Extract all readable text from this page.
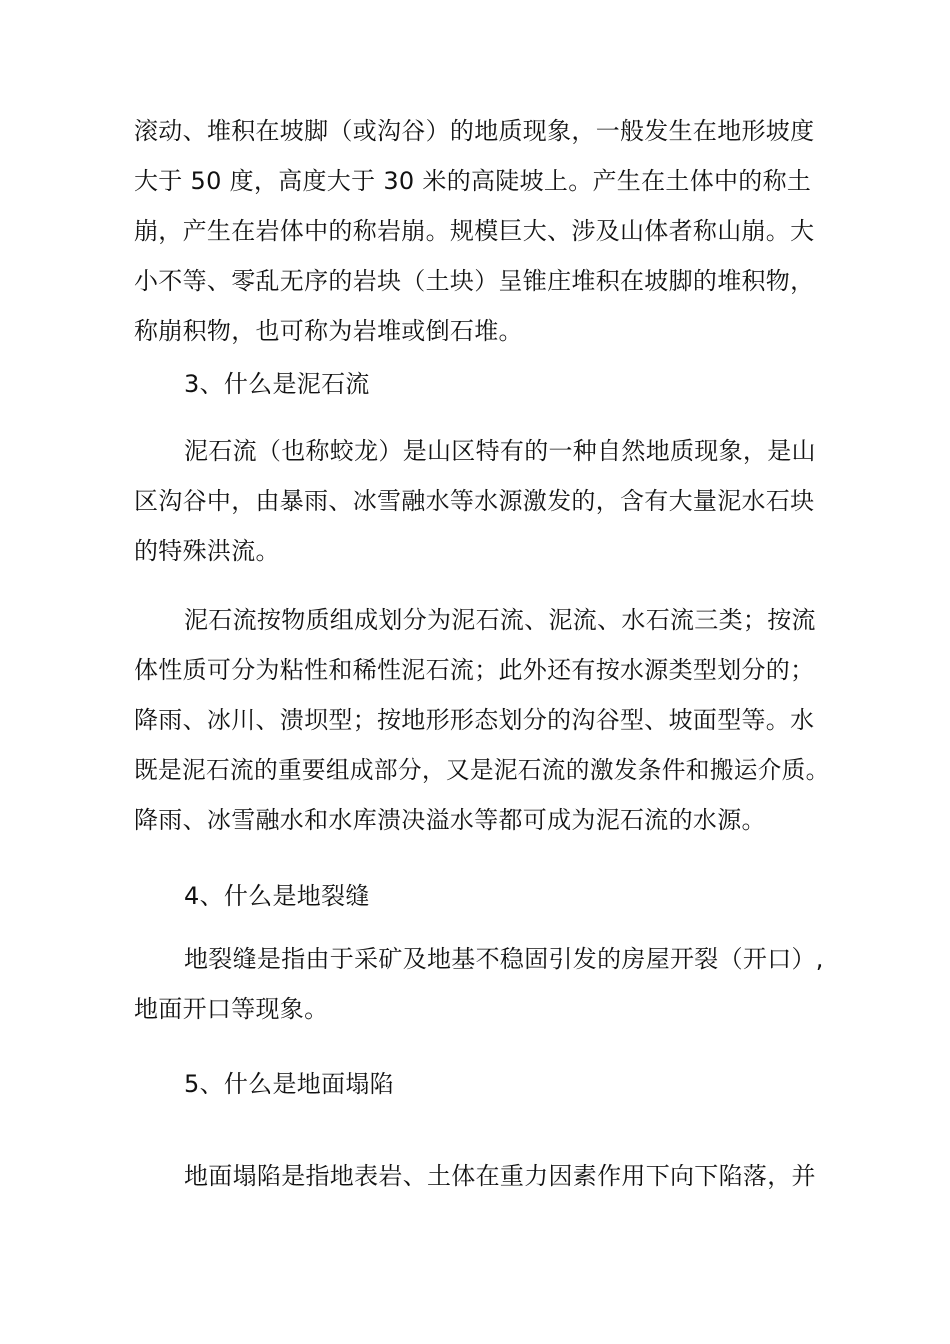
滚动、堆积在坡脚（或沟谷）的地质现象，一般发生在地形坡度
大于 50 度，高度大于 30 米的高陡坡上。产生在土体中的称土
崩，产生在岩体中的称岩崩。规模巨大、涉及山体者称山崩。大
小不等、零乱无序的岩块（土块）呈锥庄堆积在坡脚的堆积物，
称崩积物，也可称为岩堆或倒石堆。
3、什么是泥石流
泥石流（也称蛟龙）是山区特有的一种自然地质现象，是山
区沟谷中，由暴雨、冰雪融水等水源激发的，含有大量泥水石块
的特殊洪流。
泥石流按物质组成划分为泥石流、泥流、水石流三类；按流
体性质可分为粘性和稀性泥石流；此外还有按水源类型划分的；
降雨、冰川、溃坝型；按地形形态划分的沟谷型、坡面型等。水
既是泥石流的重要组成部分，又是泥石流的激发条件和搬运介质。
降雨、冰雪融水和水库溃决溢水等都可成为泥石流的水源。
4、什么是地裂缝
地裂缝是指由于采矿及地基不稳固引发的房屋开裂（开口）,
地面开口等现象。
5、什么是地面塌陷
地面塌陷是指地表岩、土体在重力因素作用下向下陷落，并
